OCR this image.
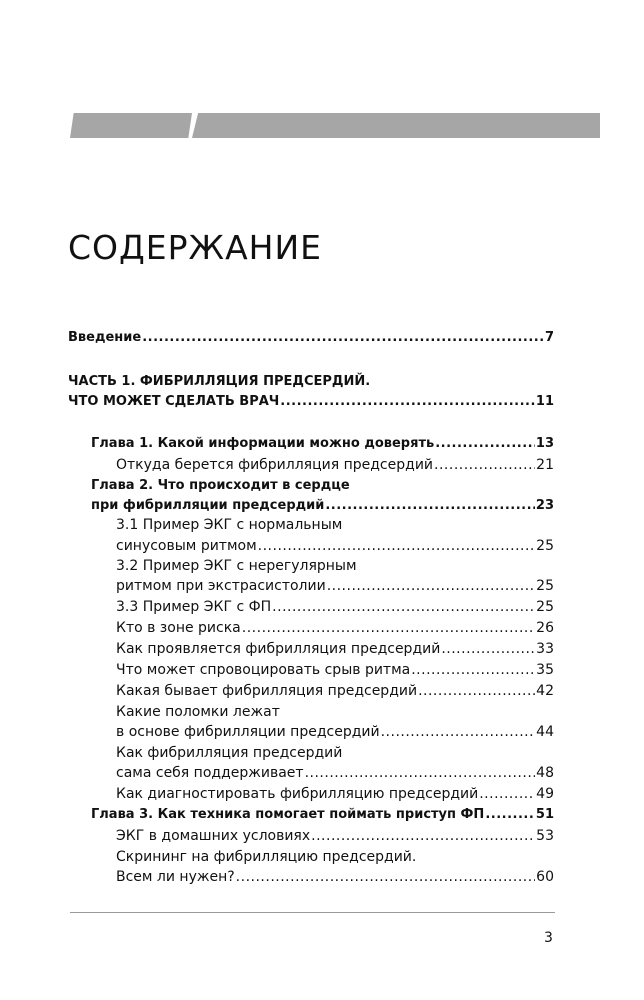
СОДЕРЖАНИЕ
Введение .....	7
ЧАСТЬ 1. ФИБРИЛЛЯЦИЯ ПРЕДСЕРДИЙ.
ЧТО МОЖЕТ СДЕЛАТЬ ВРАЧ .....	11
Глава 1. Какой информации можно доверять .....	13
Откуда берется фибрилляция предсердий .....	21
Глава 2. Что происходит в сердце
при фибрилляции предсердий .....	23
3.1 Пример ЭКГ с нормальным
синусовым ритмом .....	25
3.2 Пример ЭКГ с нерегулярным
ритмом при экстрасистолии .....	25
3.3 Пример ЭКГ с ФП .....	25
Кто в зоне риска .....	26
Как проявляется фибрилляция предсердий .....	33
Что может спровоцировать срыв ритма .....	35
Какая бывает фибрилляция предсердий .....	42
Какие поломки лежат
в основе фибрилляции предсердий .....	44
Как фибрилляция предсердий
сама себя поддерживает .....	48
Как диагностировать фибрилляцию предсердий .....	49
Глава 3. Как техника помогает поймать приступ ФП .....	51
ЭКГ в домашних условиях .....	53
Скрининг на фибрилляцию предсердий.
Всем ли нужен? .....	60
3
